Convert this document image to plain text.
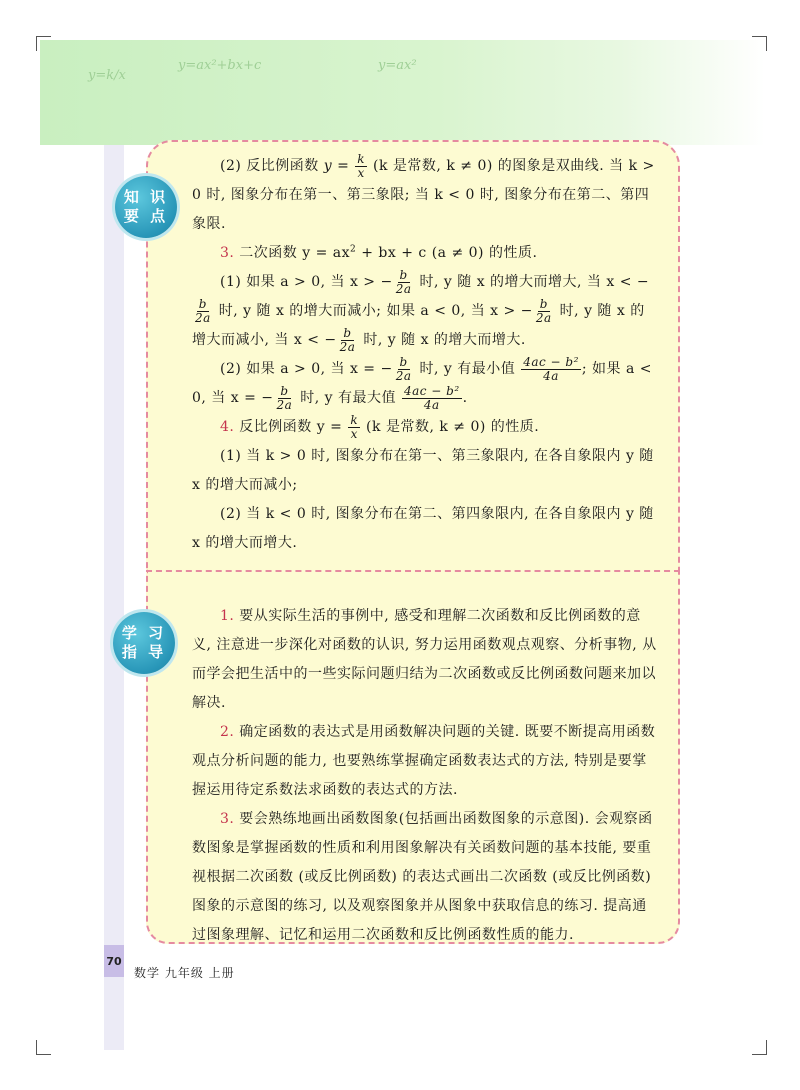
y=k/x
y=ax²+bx+c	y=ax²
知 识
要 点
学 习
指 导

(2) 反比例函数 $y = \frac{k}{x} (k$ 是常数, k ≠ 0) 的图象是双曲线. 当 k > 0 时, 图象分布在第一、第三象限; 当 k < 0 时, 图象分布在第二、第四象限.

3. 二次函数 $y = ax^2$ + bx + c (a ≠ 0) 的性质.

(1) 如果 a > 0, 当 x > − $\frac{b}{2a}$ 时, y 随 x 的增大而增大, 当 x < −
$\frac{b}{2a}$ 时, y 随 x 的增大而减小; 如果 a < 0, 当 x > − $\frac{b}{2a}$ 时, y 随 x 的增大而减小, 当 x < − $\frac{b}{2a}$ 时, y 随 x 的增大而增大.

(2) 如果 a > 0, 当 x = − $\frac{b}{2a}$ 时, y 有最小值 $\frac{\text{4ac − b²}}{4a}$ ; 如果 a < 0, 当 x = − $\frac{b}{2a}$ 时, y 有最大值 $\frac{\text{4ac − b²}}{4a}$ .

4. 反比例函数 $y = \frac{k}{x} (k$ 是常数, k ≠ 0) 的性质.

(1) 当 k > 0 时, 图象分布在第一、第三象限内, 在各自象限内 y 随 x 的增大而减小;

(2) 当 k < 0 时, 图象分布在第二、第四象限内, 在各自象限内 y 随 x 的增大而增大.

1. 要从实际生活的事例中, 感受和理解二次函数和反比例函数的意义, 注意进一步深化对函数的认识, 努力运用函数观点观察、分析事物, 从而学会把生活中的一些实际问题归结为二次函数或反比例函数问题来加以解决.

2. 确定函数的表达式是用函数解决问题的关键. 既要不断提高用函数观点分析问题的能力, 也要熟练掌握确定函数表达式的方法, 特别是要掌握运用待定系数法求函数的表达式的方法.

3. 要会熟练地画出函数图象(包括画出函数图象的示意图). 会观察函数图象是掌握函数的性质和利用图象解决有关函数问题的基本技能, 要重视根据二次函数 (或反比例函数) 的表达式画出二次函数 (或反比例函数) 图象的示意图的练习, 以及观察图象并从图象中获取信息的练习. 提高通过图象理解、记忆和运用二次函数和反比例函数性质的能力.

70
数学 九年级 上册
